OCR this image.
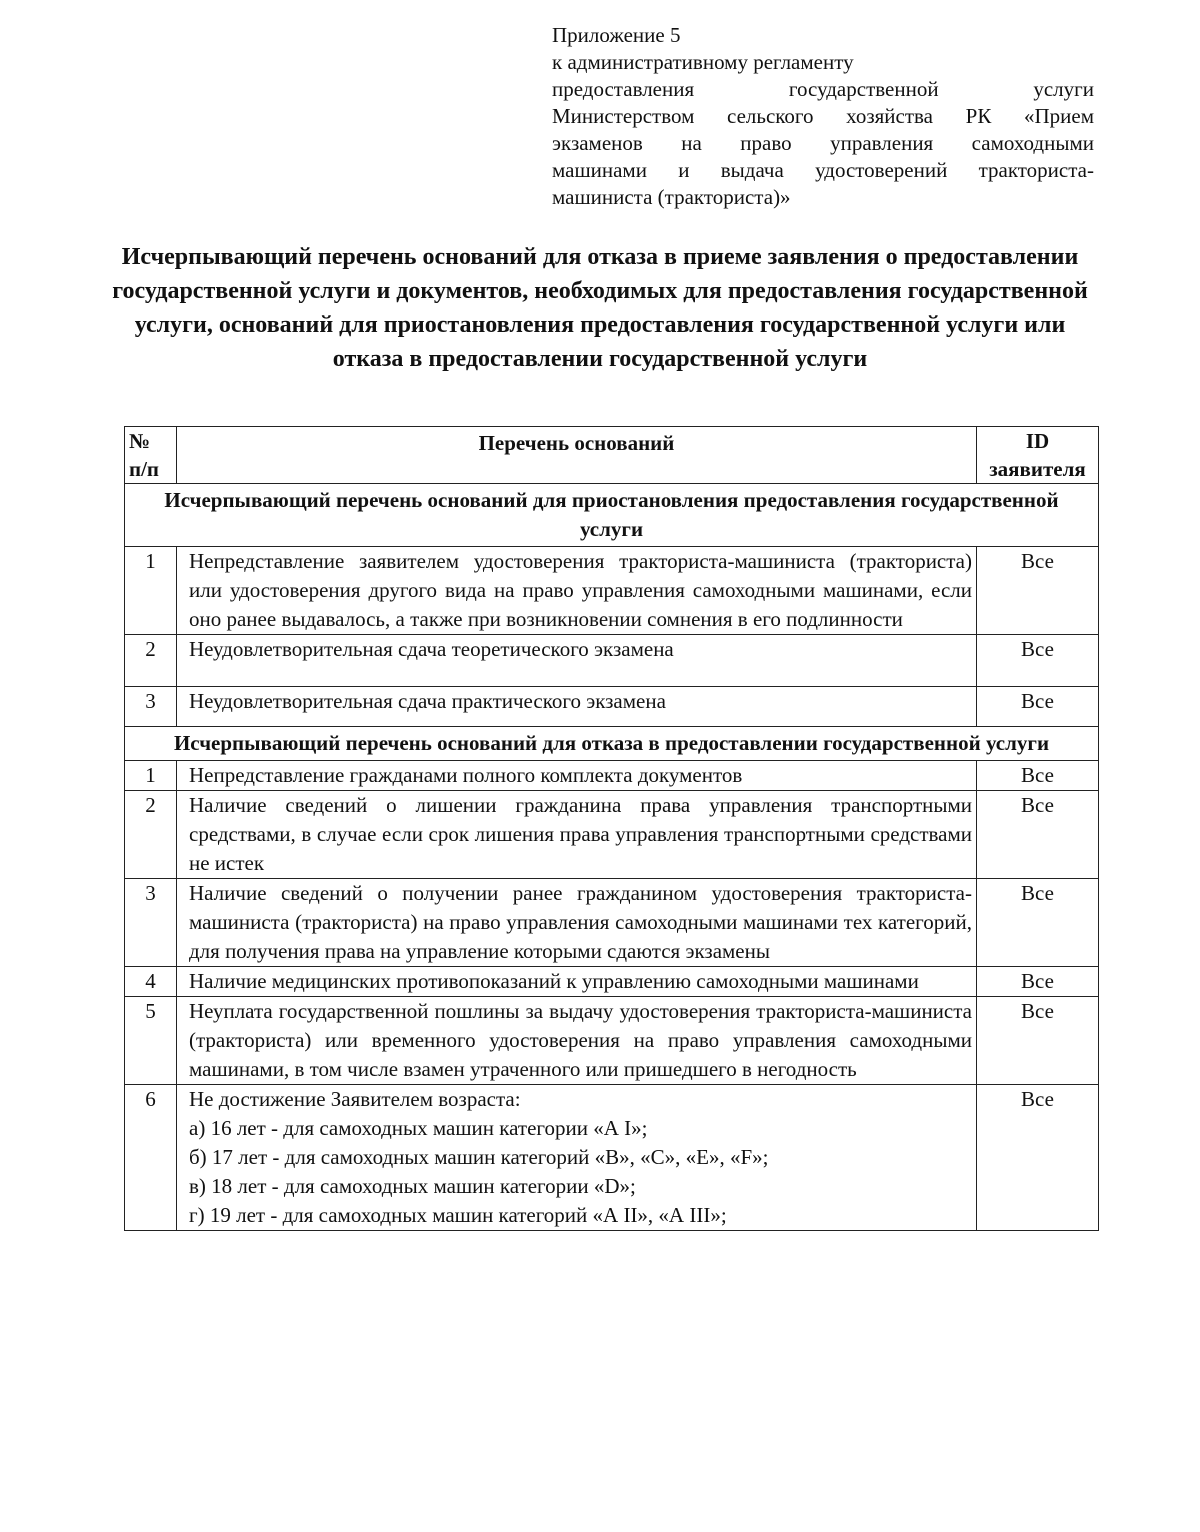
Приложение 5
к административному регламенту
предоставления государственной услуги
Министерством сельского хозяйства РК «Прием
экзаменов на право управления самоходными
машинами и выдача удостоверений тракториста-
машиниста (тракториста)»
Исчерпывающий перечень оснований для отказа в приеме заявления о предоставлении государственной услуги и документов, необходимых для предоставления государственной услуги, оснований для приостановления предоставления государственной услуги или отказа в предоставлении государственной услуги
№ п/п	Перечень оснований	ID заявителя
Исчерпывающий перечень оснований для приостановления предоставления государственной услуги		
1	Непредставление заявителем удостоверения тракториста-машиниста (тракториста) или удостоверения другого вида на право управления самоходными машинами, если оно ранее выдавалось, а также при возникновении сомнения в его подлинности	Все
2	Неудовлетворительная сдача теоретического экзамена	Все
3	Неудовлетворительная сдача практического экзамена	Все
Исчерпывающий перечень оснований для отказа в предоставлении государственной услуги		
1	Непредставление гражданами полного комплекта документов	Все
2	Наличие сведений о лишении гражданина права управления транспортными средствами, в случае если срок лишения права управления транспортными средствами не истек	Все
3	Наличие сведений о получении ранее гражданином удостоверения тракториста-машиниста (тракториста) на право управления самоходными машинами тех категорий, для получения права на управление которыми сдаются экзамены	Все
4	Наличие медицинских противопоказаний к управлению самоходными машинами	Все
5	Неуплата государственной пошлины за выдачу удостоверения тракториста-машиниста (тракториста) или временного удостоверения на право управления самоходными машинами, в том числе взамен утраченного или пришедшего в негодность	Все
6	Не достижение Заявителем возраста:
а) 16 лет - для самоходных машин категории «А I»;
б) 17 лет - для самоходных машин категорий «В», «С», «Е», «F»;
в) 18 лет - для самоходных машин категории «D»;
г) 19 лет - для самоходных машин категорий «А II», «А III»;	Все
